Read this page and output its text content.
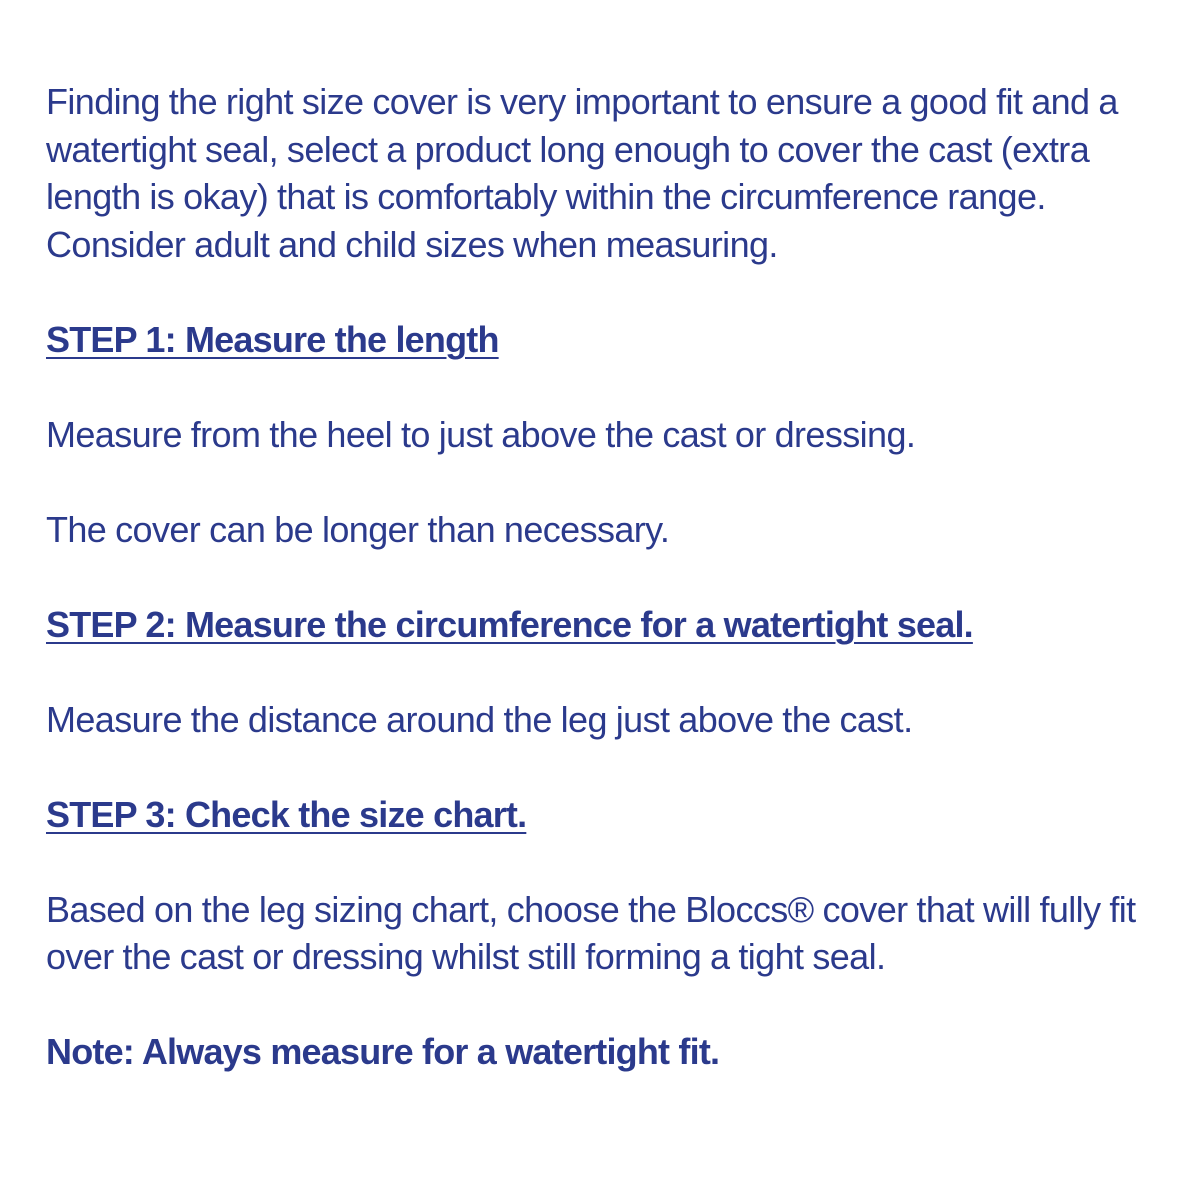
Finding the right size cover is very important to ensure a good fit and a watertight seal, select a product long enough to cover the cast (extra length is okay) that is comfortably within the circumference range. Consider adult and child sizes when measuring.

STEP 1: Measure the length

Measure from the heel to just above the cast or dressing.

The cover can be longer than necessary.

STEP 2: Measure the circumference for a watertight seal.

Measure the distance around the leg just above the cast.

STEP 3: Check the size chart.

Based on the leg sizing chart, choose the Bloccs® cover that will fully fit over the cast or dressing whilst still forming a tight seal.

Note: Always measure for a watertight fit.
